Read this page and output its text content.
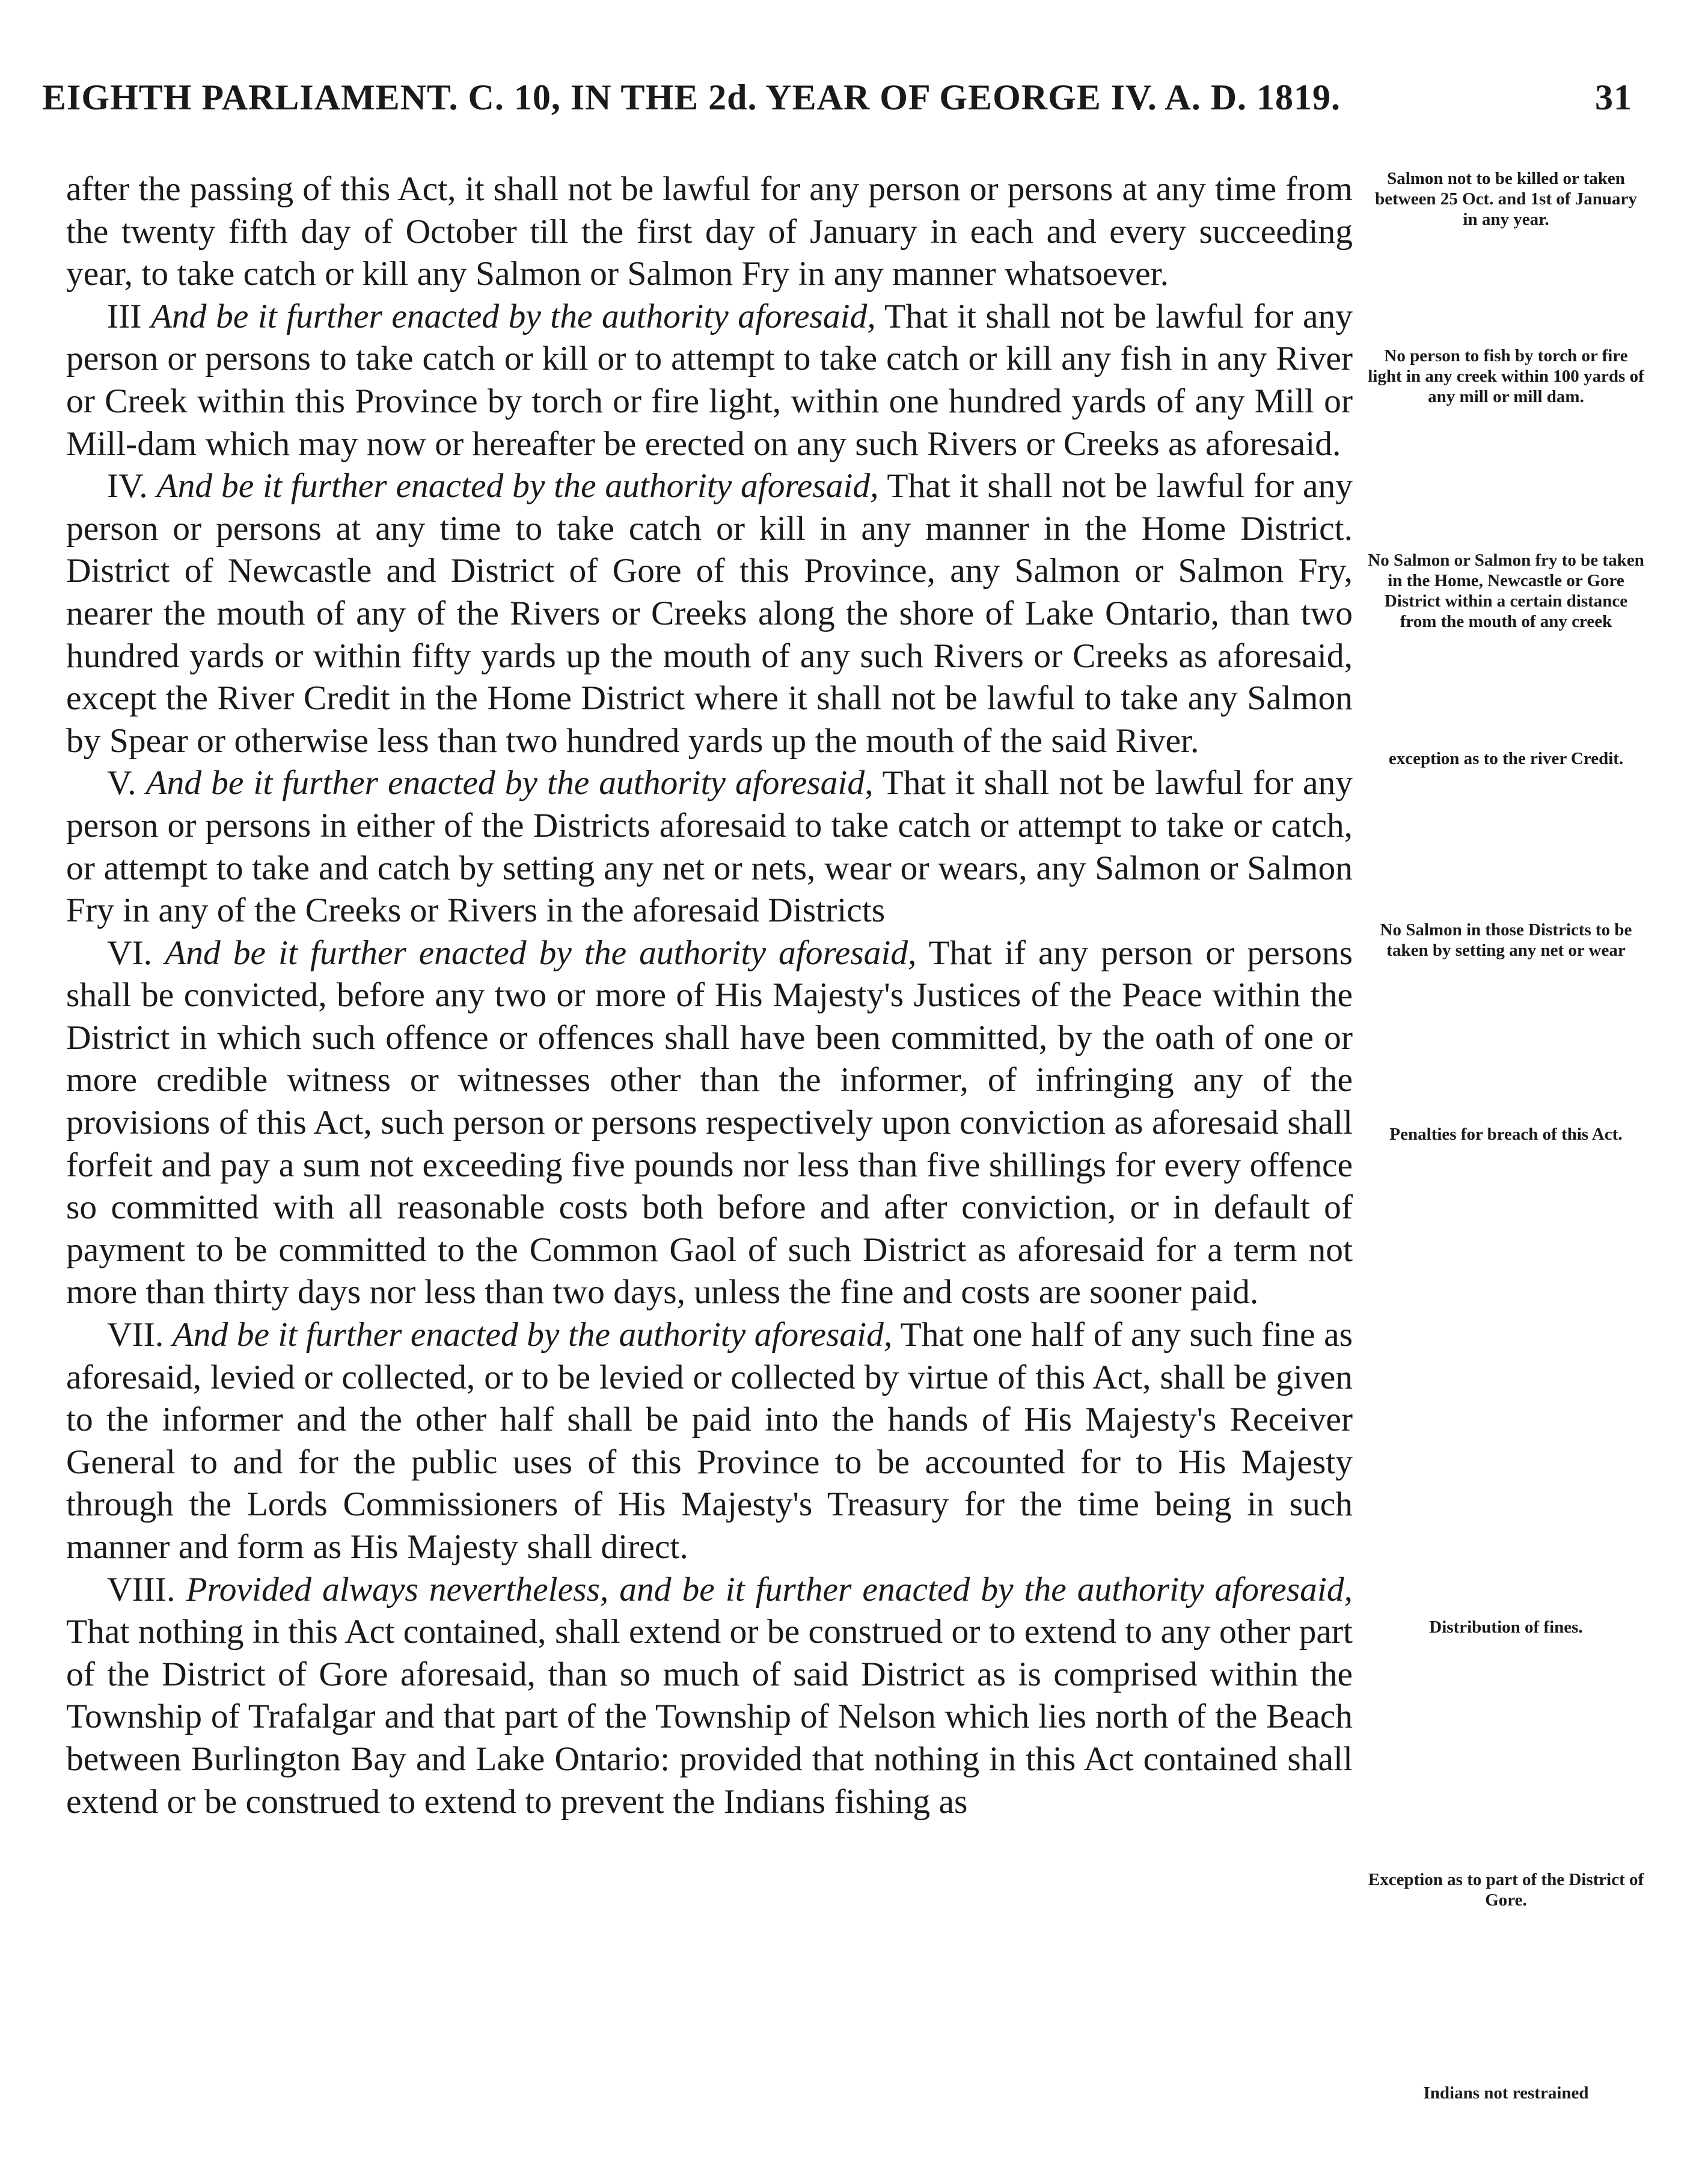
EIGHTH PARLIAMENT. C. 10, IN THE 2d. YEAR OF GEORGE IV. A. D. 1819.	31

after the passing of this Act, it shall not be lawful for any person or persons at any time from the twenty fifth day of October till the first day of January in each and every succeeding year, to take catch or kill any Salmon or Salmon Fry in any manner whatsoever.

III And be it further enacted by the authority aforesaid, That it shall not be lawful for any person or persons to take catch or kill or to attempt to take catch or kill any fish in any River or Creek within this Province by torch or fire light, within one hundred yards of any Mill or Mill-dam which may now or hereafter be erected on any such Rivers or Creeks as aforesaid.

IV. And be it further enacted by the authority aforesaid, That it shall not be lawful for any person or persons at any time to take catch or kill in any manner in the Home District. District of Newcastle and District of Gore of this Province, any Salmon or Salmon Fry, nearer the mouth of any of the Rivers or Creeks along the shore of Lake Ontario, than two hundred yards or within fifty yards up the mouth of any such Rivers or Creeks as aforesaid, except the River Credit in the Home District where it shall not be lawful to take any Salmon by Spear or otherwise less than two hundred yards up the mouth of the said River.

V. And be it further enacted by the authority aforesaid, That it shall not be lawful for any person or persons in either of the Districts aforesaid to take catch or attempt to take or catch, or attempt to take and catch by setting any net or nets, wear or wears, any Salmon or Salmon Fry in any of the Creeks or Rivers in the aforesaid Districts

VI. And be it further enacted by the authority aforesaid, That if any person or persons shall be convicted, before any two or more of His Majesty's Justices of the Peace within the District in which such offence or offences shall have been committed, by the oath of one or more credible witness or witnesses other than the informer, of infringing any of the provisions of this Act, such person or persons respectively upon conviction as aforesaid shall forfeit and pay a sum not exceeding five pounds nor less than five shillings for every offence so committed with all reasonable costs both before and after conviction, or in default of payment to be committed to the Common Gaol of such District as aforesaid for a term not more than thirty days nor less than two days, unless the fine and costs are sooner paid.

VII. And be it further enacted by the authority aforesaid, That one half of any such fine as aforesaid, levied or collected, or to be levied or collected by virtue of this Act, shall be given to the informer and the other half shall be paid into the hands of His Majesty's Receiver General to and for the public uses of this Province to be accounted for to His Majesty through the Lords Commissioners of His Majesty's Treasury for the time being in such manner and form as His Majesty shall direct.

VIII. Provided always nevertheless, and be it further enacted by the authority aforesaid, That nothing in this Act contained, shall extend or be construed or to extend to any other part of the District of Gore aforesaid, than so much of said District as is comprised within the Township of Trafalgar and that part of the Township of Nelson which lies north of the Beach between Burlington Bay and Lake Ontario: provided that nothing in this Act contained shall extend or be construed to extend to prevent the Indians fishing as

Salmon not to be killed or taken between 25 Oct. and 1st of January in any year.
No person to fish by torch or fire light in any creek within 100 yards of any mill or mill dam.
No Salmon or Salmon fry to be taken in the Home, Newcastle or Gore District within a certain distance from the mouth of any creek
exception as to the river Credit.
No Salmon in those Districts to be taken by setting any net or wear
Penalties for breach of this Act.
Distribution of fines.
Exception as to part of the District of Gore.
Indians not restrained
